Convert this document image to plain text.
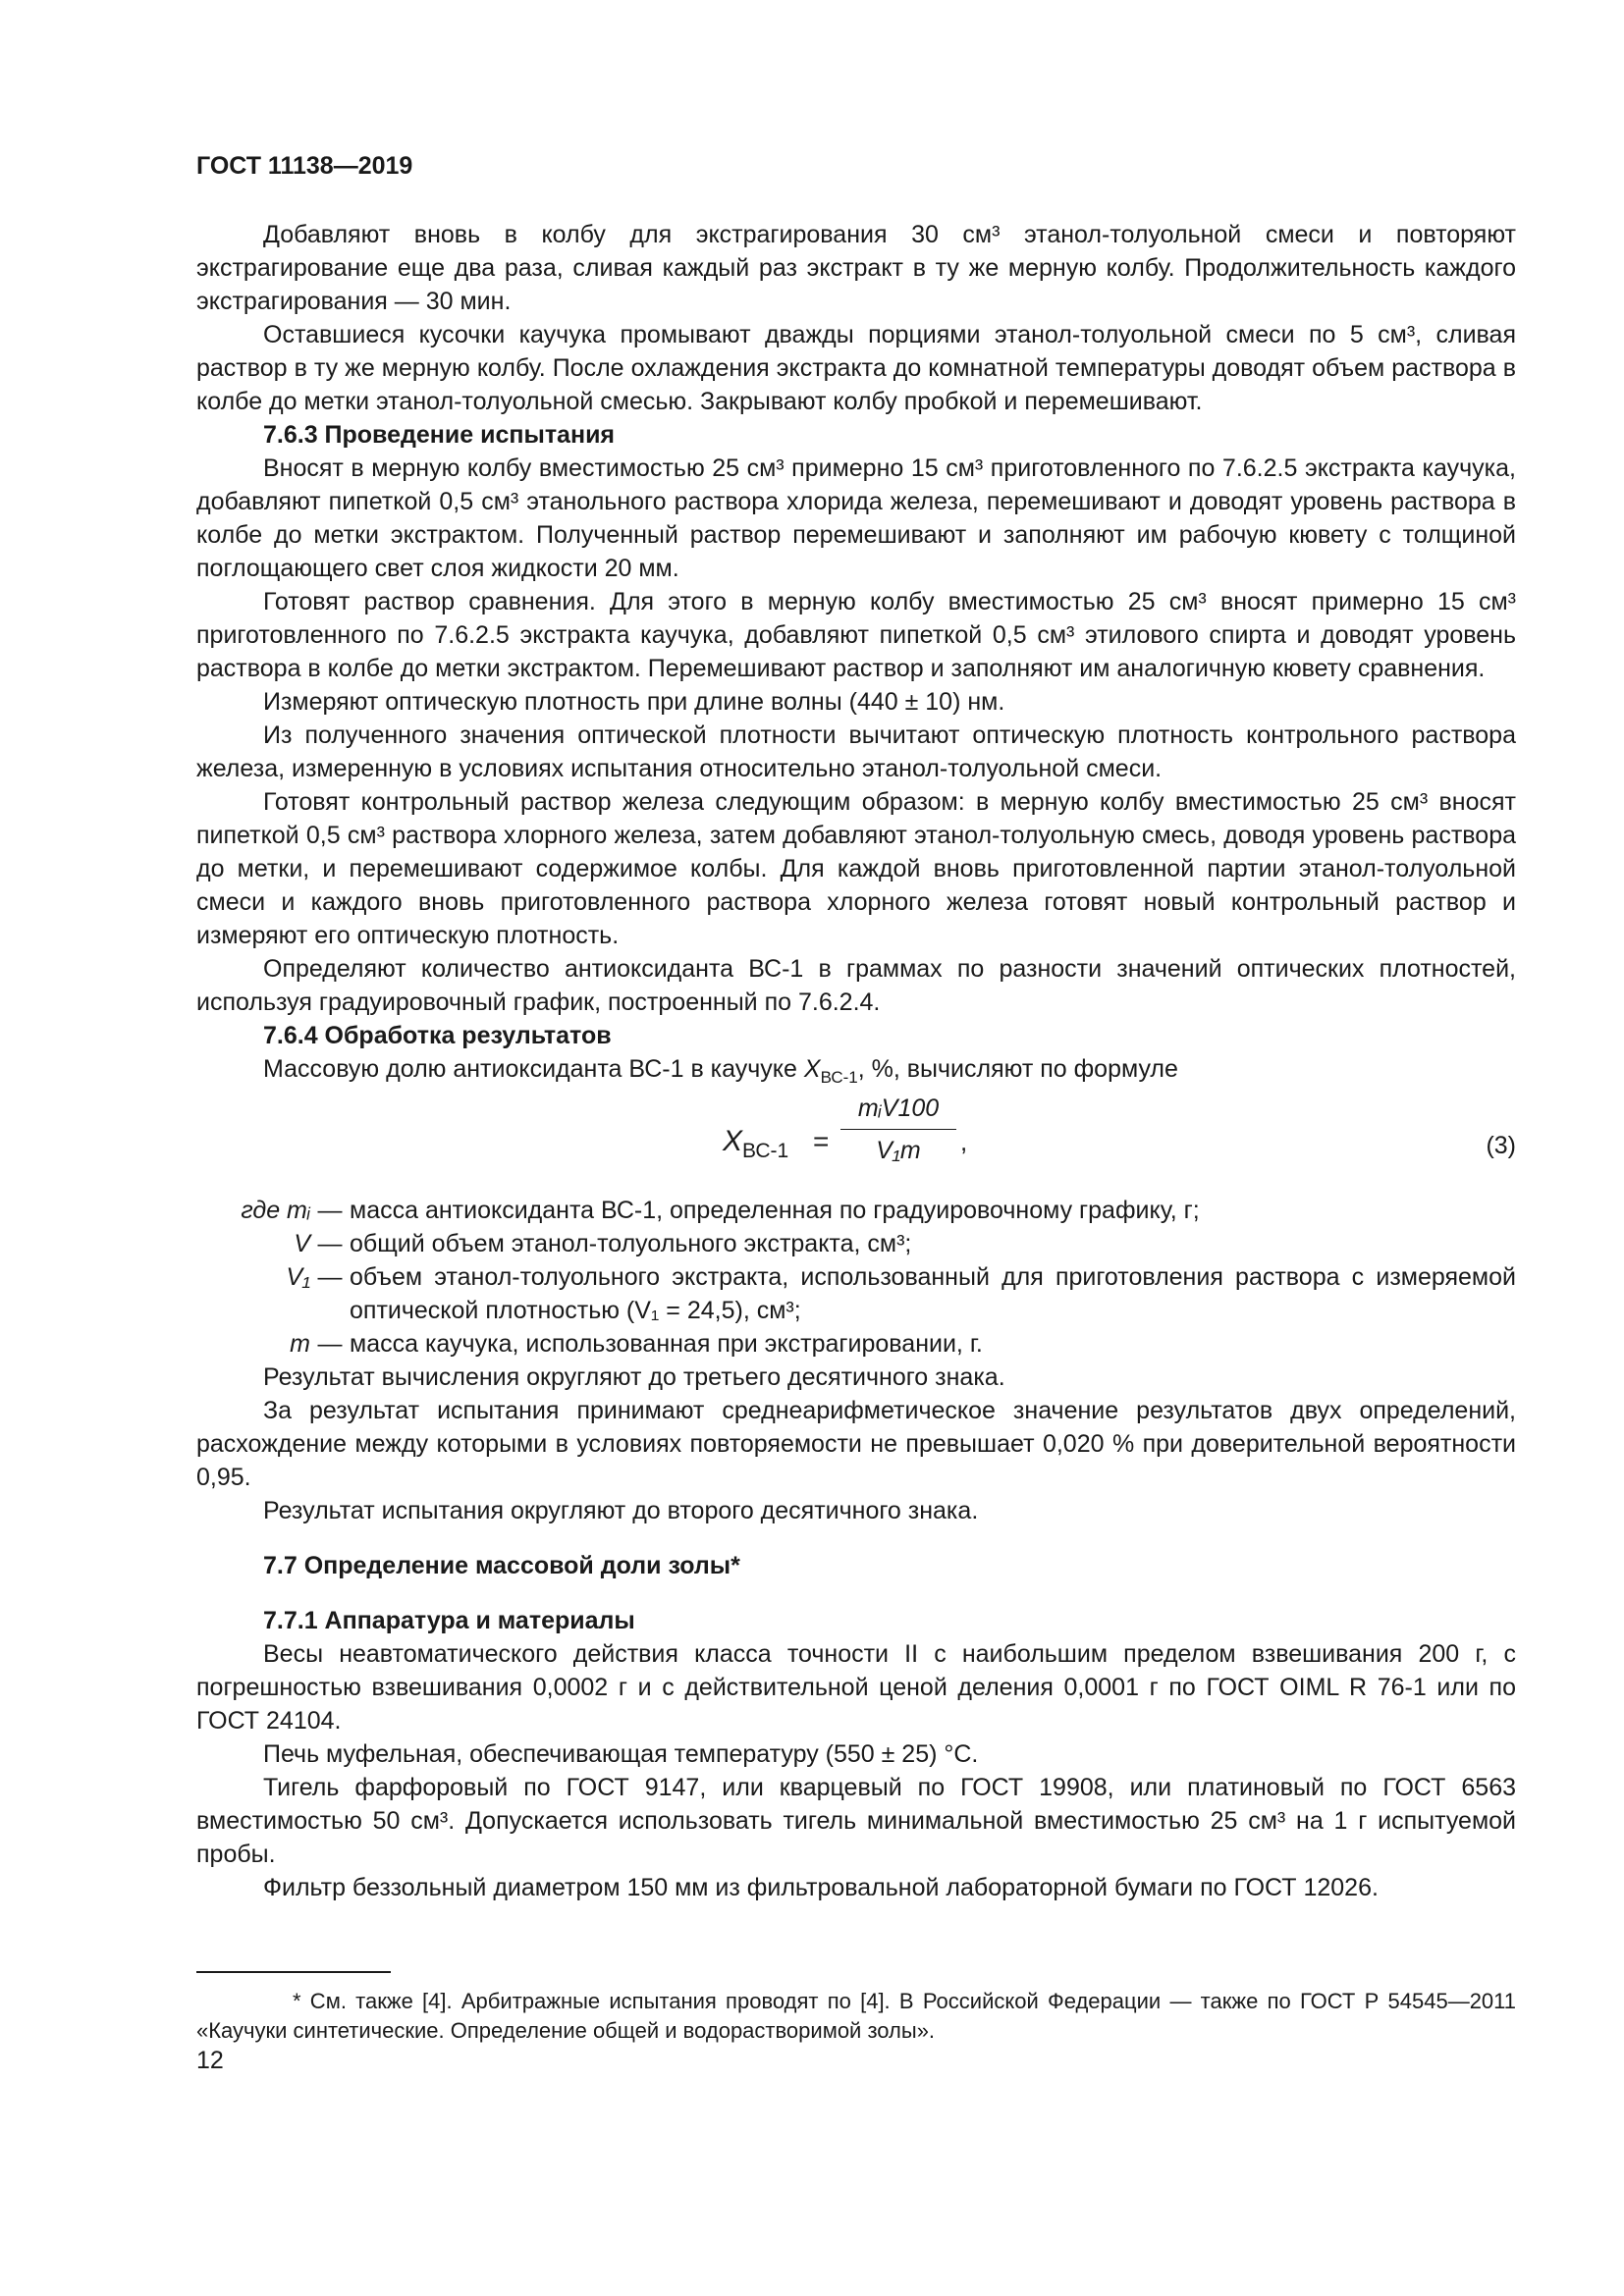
ГОСТ 11138—2019

Добавляют вновь в колбу для экстрагирования 30 см³ этанол-толуольной смеси и повторяют экстрагирование еще два раза, сливая каждый раз экстракт в ту же мерную колбу. Продолжительность каждого экстрагирования — 30 мин.

Оставшиеся кусочки каучука промывают дважды порциями этанол-толуольной смеси по 5 см³, сливая раствор в ту же мерную колбу. После охлаждения экстракта до комнатной температуры доводят объем раствора в колбе до метки этанол-толуольной смесью. Закрывают колбу пробкой и перемешивают.

7.6.3 Проведение испытания

Вносят в мерную колбу вместимостью 25 см³ примерно 15 см³ приготовленного по 7.6.2.5 экстракта каучука, добавляют пипеткой 0,5 см³ этанольного раствора хлорида железа, перемешивают и доводят уровень раствора в колбе до метки экстрактом. Полученный раствор перемешивают и заполняют им рабочую кювету с толщиной поглощающего свет слоя жидкости 20 мм.

Готовят раствор сравнения. Для этого в мерную колбу вместимостью 25 см³ вносят примерно 15 см³ приготовленного по 7.6.2.5 экстракта каучука, добавляют пипеткой 0,5 см³ этилового спирта и доводят уровень раствора в колбе до метки экстрактом. Перемешивают раствор и заполняют им аналогичную кювету сравнения.

Измеряют оптическую плотность при длине волны (440 ± 10) нм.

Из полученного значения оптической плотности вычитают оптическую плотность контрольного раствора железа, измеренную в условиях испытания относительно этанол-толуольной смеси.

Готовят контрольный раствор железа следующим образом: в мерную колбу вместимостью 25 см³ вносят пипеткой 0,5 см³ раствора хлорного железа, затем добавляют этанол-толуольную смесь, доводя уровень раствора до метки, и перемешивают содержимое колбы. Для каждой вновь приготовленной партии этанол-толуольной смеси и каждого вновь приготовленного раствора хлорного железа готовят новый контрольный раствор и измеряют его оптическую плотность.

Определяют количество антиоксиданта ВС-1 в граммах по разности значений оптических плотностей, используя градуировочный график, построенный по 7.6.2.4.

7.6.4 Обработка результатов

Массовую долю антиоксиданта ВС-1 в каучуке $X_{ВС-1}$, %, вычисляют по формуле

$X_{ВС-1}$ =
mᵢV100
V₁m	,	(3)
где mᵢ — масса антиоксиданта ВС-1, определенная по градуировочному графику, г;
V — общий объем этанол-толуольного экстракта, см³;
V₁ — объем этанол-толуольного экстракта, использованный для приготовления раствора с измеряемой оптической плотностью (V₁ = 24,5), см³;
m — масса каучука, использованная при экстрагировании, г.

Результат вычисления округляют до третьего десятичного знака.

За результат испытания принимают среднеарифметическое значение результатов двух определений, расхождение между которыми в условиях повторяемости не превышает 0,020 % при доверительной вероятности 0,95.

Результат испытания округляют до второго десятичного знака.

7.7 Определение массовой доли золы*
7.7.1 Аппаратура и материалы

Весы неавтоматического действия класса точности II с наибольшим пределом взвешивания 200 г, с погрешностью взвешивания 0,0002 г и с действительной ценой деления 0,0001 г по ГОСТ OIML R 76-1 или по ГОСТ 24104.

Печь муфельная, обеспечивающая температуру (550 ± 25) °С.

Тигель фарфоровый по ГОСТ 9147, или кварцевый по ГОСТ 19908, или платиновый по ГОСТ 6563 вместимостью 50 см³. Допускается использовать тигель минимальной вместимостью 25 см³ на 1 г испытуемой пробы.

Фильтр беззольный диаметром 150 мм из фильтровальной лабораторной бумаги по ГОСТ 12026.

* См. также [4]. Арбитражные испытания проводят по [4]. В Российской Федерации — также по ГОСТ Р 54545—2011 «Каучуки синтетические. Определение общей и водорастворимой золы».
12
